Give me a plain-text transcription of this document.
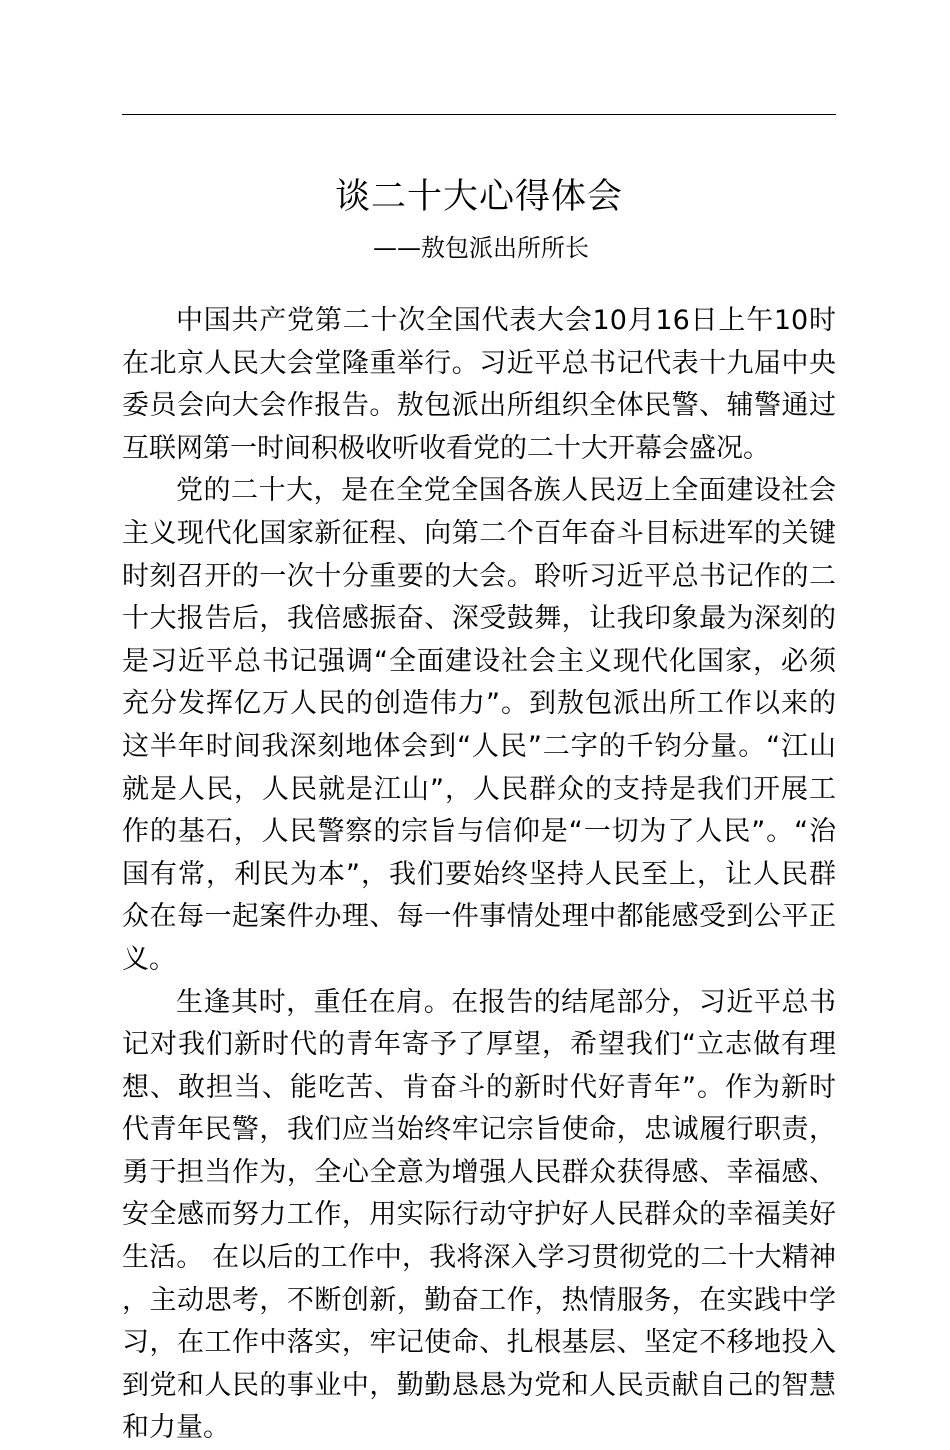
谈二十大心得体会

——敖包派出所所长

中国共产党第二十次全国代表大会10月16日上午10时在北京人民大会堂隆重举行。习近平总书记代表十九届中央委员会向大会作报告。敖包派出所组织全体民警、辅警通过互联网第一时间积极收听收看党的二十大开幕会盛况。

党的二十大，是在全党全国各族人民迈上全面建设社会主义现代化国家新征程、向第二个百年奋斗目标进军的关键时刻召开的一次十分重要的大会。聆听习近平总书记作的二十大报告后，我倍感振奋、深受鼓舞，让我印象最为深刻的是习近平总书记强调“全面建设社会主义现代化国家，必须充分发挥亿万人民的创造伟力”。到敖包派出所工作以来的这半年时间我深刻地体会到“人民”二字的千钧分量。“江山就是人民，人民就是江山”，人民群众的支持是我们开展工作的基石，人民警察的宗旨与信仰是“一切为了人民”。“治国有常，利民为本”，我们要始终坚持人民至上，让人民群众在每一起案件办理、每一件事情处理中都能感受到公平正义。

生逢其时，重任在肩。在报告的结尾部分，习近平总书记对我们新时代的青年寄予了厚望，希望我们“立志做有理想、敢担当、能吃苦、肯奋斗的新时代好青年”。作为新时代青年民警，我们应当始终牢记宗旨使命，忠诚履行职责，勇于担当作为，全心全意为增强人民群众获得感、幸福感、安全感而努力工作，用实际行动守护好人民群众的幸福美好生活。 在以后的工作中，我将深入学习贯彻党的二十大精神，主动思考，不断创新，勤奋工作，热情服务，在实践中学习，在工作中落实，牢记使命、扎根基层、坚定不移地投入到党和人民的事业中，勤勤恳恳为党和人民贡献自己的智慧和力量。
